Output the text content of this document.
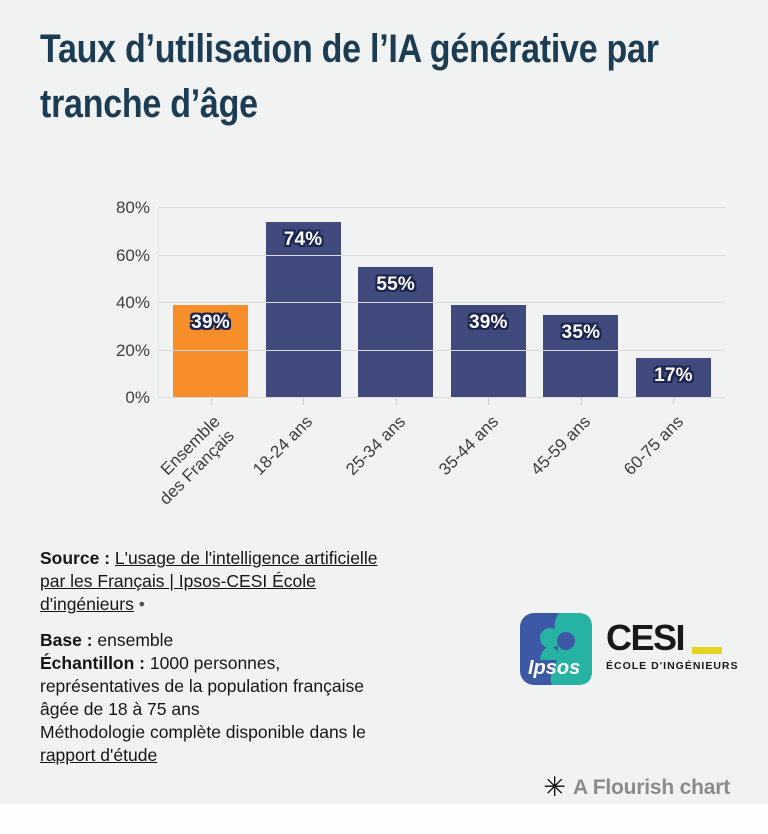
Taux d’utilisation de l’IA générative par tranche d’âge
39%
Ensemble
des Français
74%
18-24 ans
55%
25-34 ans
39%
35-44 ans
35%
45-59 ans
17%
60-75 ans
0%
20%
40%
60%
80%
Source : L'usage de l'intelligence artificielle par les Français | Ipsos-CESI École d'ingénieurs •
Base : ensemble
Échantillon : 1000 personnes, représentatives de la population française âgée de 18 à 75 ans
Méthodologie complète disponible dans le rapport d'étude
Ipsos
CESI
ÉCOLE D'INGÉNIEURS
✳ A Flourish chart
